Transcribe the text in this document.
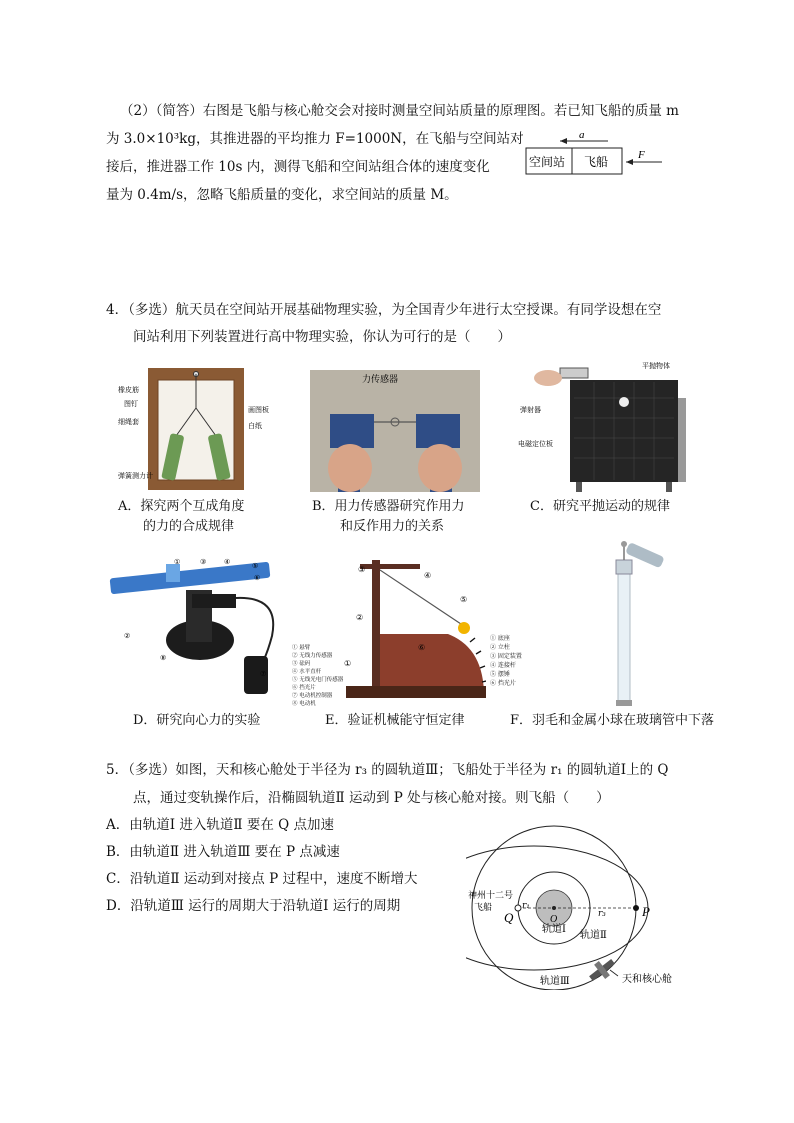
（2）（简答）右图是飞船与核心舱交会对接时测量空间站质量的原理图。若已知飞船的质量 m
为 3.0×10³kg，其推进器的平均推力 F=1000N，在飞船与空间站对
接后，推进器工作 10s 内，测得飞船和空间站组合体的速度变化
量为 0.4m/s，忽略飞船质量的变化，求空间站的质量 M。
a
空间站 飞船	F
4．（多选）航天员在空间站开展基础物理实验，为全国青少年进行太空授课。有同学设想在空
间站利用下列装置进行高中物理实验，你认为可行的是（　　）
橡皮筋
图钉
细绳套
弹簧测力计
画图板
白纸
A．探究两个互成角度
的力的合成规律
力传感器
B．用力传感器研究作用力
和反作用力的关系
平抛物体
弹射器
电磁定位板
接球槽
C．研究平抛运动的规律
①	③	④	⑤
⑥
②
⑧
⑦
① 悬臂
② 无线力传感器
③ 砝码
④ 水平直杆
⑤ 无线光电门传感器
⑥ 挡光片
⑦ 电动机控制器
⑧ 电动机
D．研究向心力的实验
③
④
②
⑤
⑥
①
① 底座
② 立柱
③ 固定装置
④ 连接杆
⑤ 摆锤
⑥ 挡光片
E．验证机械能守恒定律	F．羽毛和金属小球在玻璃管中下落
5．（多选）如图，天和核心舱处于半径为 r₃ 的圆轨道Ⅲ；飞船处于半径为 r₁ 的圆轨道Ⅰ上的 Q
点，通过变轨操作后，沿椭圆轨道Ⅱ 运动到 P 处与核心舱对接。则飞船（　　）
A．由轨道Ⅰ 进入轨道Ⅱ 要在 Q 点加速
B．由轨道Ⅱ 进入轨道Ⅲ 要在 P 点减速
C．沿轨道Ⅱ 运动到对接点 P 过程中，速度不断增大
D．沿轨道Ⅲ 运行的周期大于沿轨道Ⅰ 运行的周期
神州十二号
飞船
Q
r₁
O	r₃	P
轨道Ⅰ
轨道Ⅱ
轨道Ⅲ	天和核心舱
